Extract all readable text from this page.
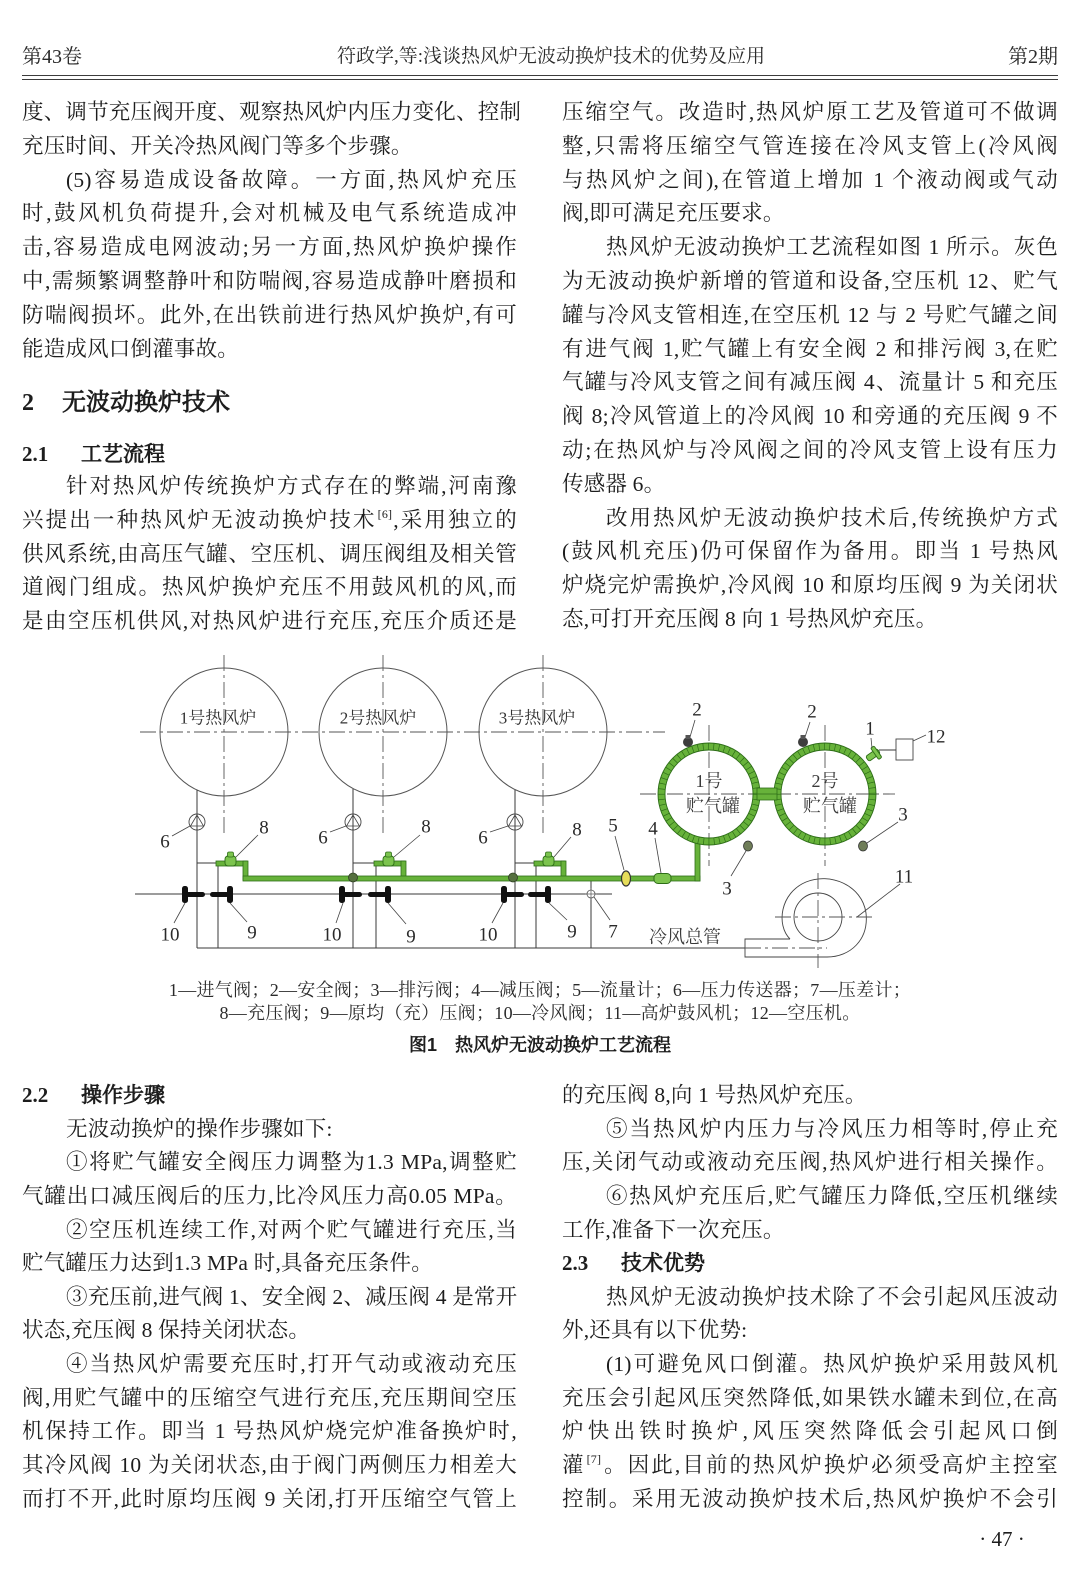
第43卷	符政学,等:浅谈热风炉无波动换炉技术的优势及应用	第2期
度、调节充压阀开度、观察热风炉内压力变化、控制
充压时间、开关冷热风阀门等多个步骤。
(5)容易造成设备故障。一方面,热风炉充压
时,鼓风机负荷提升,会对机械及电气系统造成冲
击,容易造成电网波动;另一方面,热风炉换炉操作
中,需频繁调整静叶和防喘阀,容易造成静叶磨损和
防喘阀损坏。此外,在出铁前进行热风炉换炉,有可
能造成风口倒灌事故。
2 无波动换炉技术
2.1 工艺流程
针对热风炉传统换炉方式存在的弊端,河南豫
兴提出一种热风炉无波动换炉技术[6],采用独立的
供风系统,由高压气罐、空压机、调压阀组及相关管
道阀门组成。热风炉换炉充压不用鼓风机的风,而
是由空压机供风,对热风炉进行充压,充压介质还是
压缩空气。改造时,热风炉原工艺及管道可不做调
整,只需将压缩空气管连接在冷风支管上(冷风阀
与热风炉之间),在管道上增加 1 个液动阀或气动
阀,即可满足充压要求。
热风炉无波动换炉工艺流程如图 1 所示。灰色
为无波动换炉新增的管道和设备,空压机 12、贮气
罐与冷风支管相连,在空压机 12 与 2 号贮气罐之间
有进气阀 1,贮气罐上有安全阀 2 和排污阀 3,在贮
气罐与冷风支管之间有减压阀 4、流量计 5 和充压
阀 8;冷风管道上的冷风阀 10 和旁通的充压阀 9 不
动;在热风炉与冷风阀之间的冷风支管上设有压力
传感器 6。
改用热风炉无波动换炉技术后,传统换炉方式
(鼓风机充压)仍可保留作为备用。即当 1 号热风
炉烧完炉需换炉,冷风阀 10 和原均压阀 9 为关闭状
态,可打开充压阀 8 向 1 号热风炉充压。
1号热风炉	2号热风炉	3号热风炉
1号
贮气罐
2号
贮气罐
冷风总管
6	6	6
8	8	8
10	10	10
9	9	9 7
5 4
3
3
2	2
1	12
11
1—进气阀；2—安全阀；3—排污阀；4—减压阀；5—流量计；6—压力传送器；7—压差计；
8—充压阀；9—原均（充）压阀；10—冷风阀；11—高炉鼓风机；12—空压机。
图1 热风炉无波动换炉工艺流程
2.2 操作步骤
无波动换炉的操作步骤如下:
①将贮气罐安全阀压力调整为1.3 MPa,调整贮
气罐出口减压阀后的压力,比冷风压力高0.05 MPa。
②空压机连续工作,对两个贮气罐进行充压,当
贮气罐压力达到1.3 MPa 时,具备充压条件。
③充压前,进气阀 1、安全阀 2、减压阀 4 是常开
状态,充压阀 8 保持关闭状态。
④当热风炉需要充压时,打开气动或液动充压
阀,用贮气罐中的压缩空气进行充压,充压期间空压
机保持工作。即当 1 号热风炉烧完炉准备换炉时,
其冷风阀 10 为关闭状态,由于阀门两侧压力相差大
而打不开,此时原均压阀 9 关闭,打开压缩空气管上
的充压阀 8,向 1 号热风炉充压。
⑤当热风炉内压力与冷风压力相等时,停止充
压,关闭气动或液动充压阀,热风炉进行相关操作。
⑥热风炉充压后,贮气罐压力降低,空压机继续
工作,准备下一次充压。
2.3 技术优势
热风炉无波动换炉技术除了不会引起风压波动
外,还具有以下优势:
(1)可避免风口倒灌。热风炉换炉采用鼓风机
充压会引起风压突然降低,如果铁水罐未到位,在高
炉快出铁时换炉,风压突然降低会引起风口倒
灌[7]。因此,目前的热风炉换炉必须受高炉主控室
控制。采用无波动换炉技术后,热风炉换炉不会引
· 47 ·
